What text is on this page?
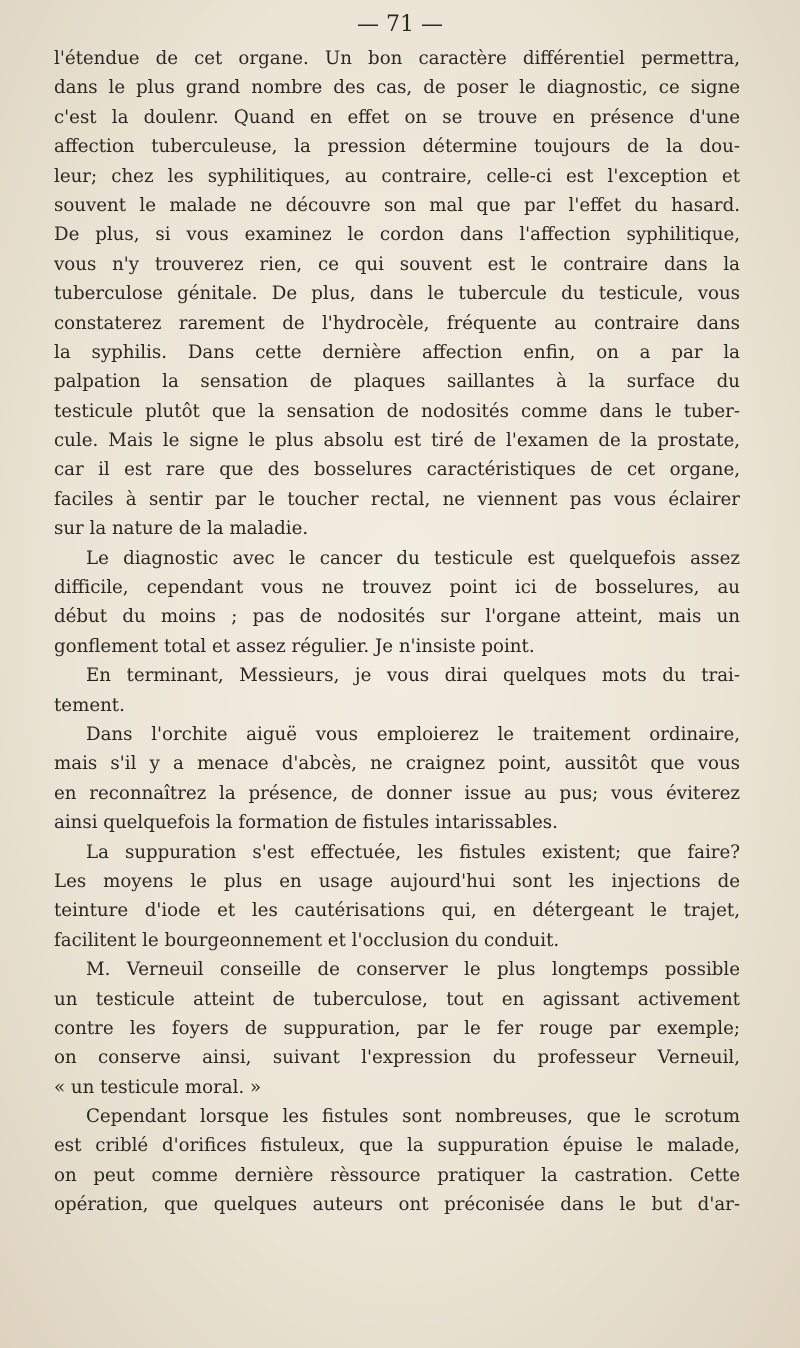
— 71 —
l'étendue de cet organe. Un bon caractère différentiel permettra,
dans le plus grand nombre des cas, de poser le diagnostic, ce signe
c'est la doulenr. Quand en effet on se trouve en présence d'une
affection tuberculeuse, la pression détermine toujours de la dou-
leur; chez les syphilitiques, au contraire, celle-ci est l'exception et
souvent le malade ne découvre son mal que par l'effet du hasard.
De plus, si vous examinez le cordon dans l'affection syphilitique,
vous n'y trouverez rien, ce qui souvent est le contraire dans la
tuberculose génitale. De plus, dans le tubercule du testicule, vous
constaterez rarement de l'hydrocèle, fréquente au contraire dans
la syphilis. Dans cette dernière affection enfin, on a par la
palpation la sensation de plaques saillantes à la surface du
testicule plutôt que la sensation de nodosités comme dans le tuber-
cule. Mais le signe le plus absolu est tiré de l'examen de la prostate,
car il est rare que des bosselures caractéristiques de cet organe,
faciles à sentir par le toucher rectal, ne viennent pas vous éclairer
sur la nature de la maladie.
Le diagnostic avec le cancer du testicule est quelquefois assez
difficile, cependant vous ne trouvez point ici de bosselures, au
début du moins ; pas de nodosités sur l'organe atteint, mais un
gonflement total et assez régulier. Je n'insiste point.
En terminant, Messieurs, je vous dirai quelques mots du trai-
tement.
Dans l'orchite aiguë vous emploierez le traitement ordinaire,
mais s'il y a menace d'abcès, ne craignez point, aussitôt que vous
en reconnaîtrez la présence, de donner issue au pus; vous éviterez
ainsi quelquefois la formation de fistules intarissables.
La suppuration s'est effectuée, les fistules existent; que faire?
Les moyens le plus en usage aujourd'hui sont les injections de
teinture d'iode et les cautérisations qui, en détergeant le trajet,
facilitent le bourgeonnement et l'occlusion du conduit.
M. Verneuil conseille de conserver le plus longtemps possible
un testicule atteint de tuberculose, tout en agissant activement
contre les foyers de suppuration, par le fer rouge par exemple;
on conserve ainsi, suivant l'expression du professeur Verneuil,
« un testicule moral. »
Cependant lorsque les fistules sont nombreuses, que le scrotum
est criblé d'orifices fistuleux, que la suppuration épuise le malade,
on peut comme dernière rèssource pratiquer la castration. Cette
opération, que quelques auteurs ont préconisée dans le but d'ar-
